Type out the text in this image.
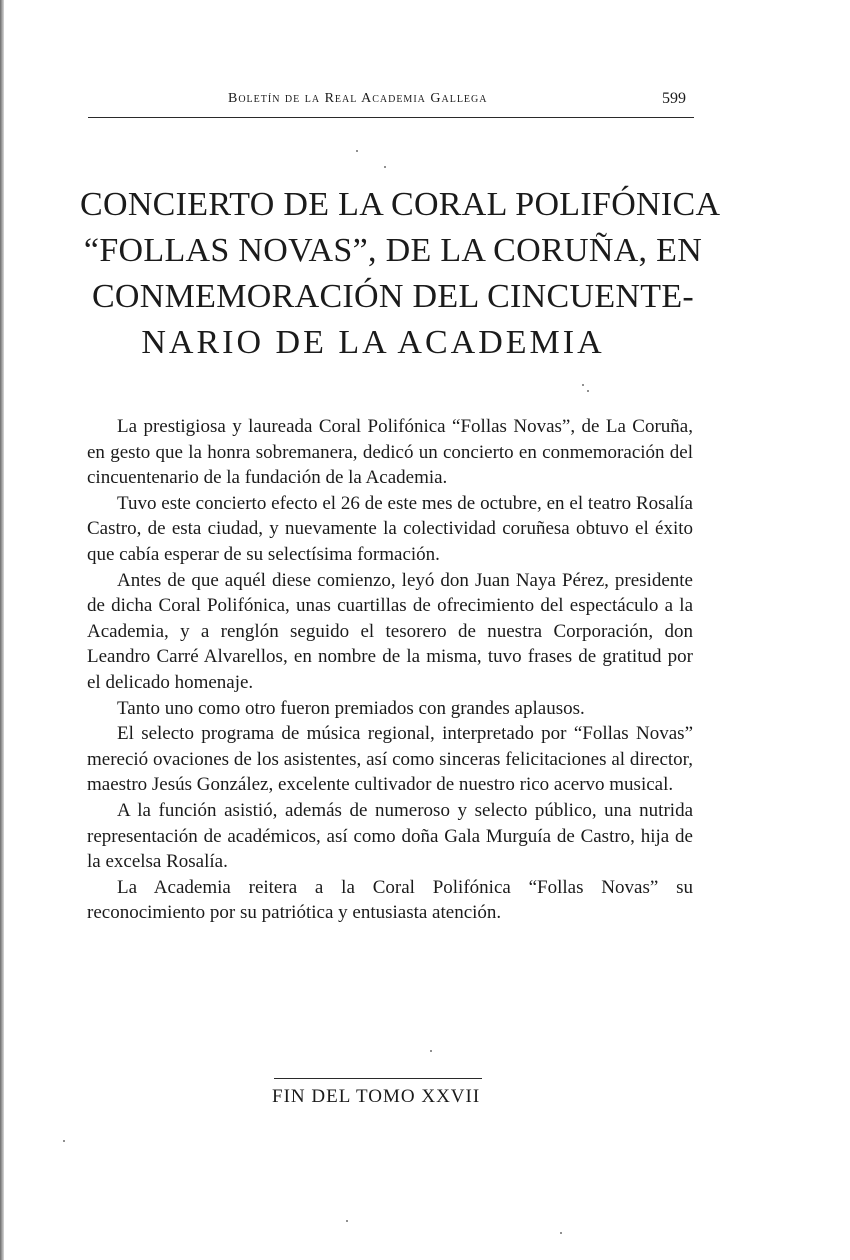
Boletín de la Real Academia Gallega	599
CONCIERTO DE LA CORAL POLIFÓNICA
“FOLLAS NOVAS”, DE LA CORUÑA, EN
CONMEMORACIÓN DEL CINCUENTE-
NARIO DE LA ACADEMIA

La prestigiosa y laureada Coral Polifónica “Follas Novas”, de La Coruña, en gesto que la honra sobremanera, dedicó un concierto en conmemoración del cincuentenario de la fundación de la Academia.

Tuvo este concierto efecto el 26 de este mes de octubre, en el teatro Rosalía Castro, de esta ciudad, y nuevamente la colectividad coruñesa obtuvo el éxito que cabía esperar de su selectísima formación.

Antes de que aquél diese comienzo, leyó don Juan Naya Pérez, presidente de dicha Coral Polifónica, unas cuartillas de ofrecimiento del espectáculo a la Academia, y a renglón seguido el tesorero de nuestra Corporación, don Leandro Carré Alvarellos, en nombre de la misma, tuvo frases de gratitud por el delicado homenaje.

Tanto uno como otro fueron premiados con grandes aplausos.

El selecto programa de música regional, interpretado por “Follas Novas” mereció ovaciones de los asistentes, así como sinceras felicitaciones al director, maestro Jesús González, excelente cultivador de nuestro rico acervo musical.

A la función asistió, además de numeroso y selecto público, una nutrida representación de académicos, así como doña Gala Murguía de Castro, hija de la excelsa Rosalía.

La Academia reitera a la Coral Polifónica “Follas Novas” su reconocimiento por su patriótica y entusiasta atención.

FIN DEL TOMO XXVII
